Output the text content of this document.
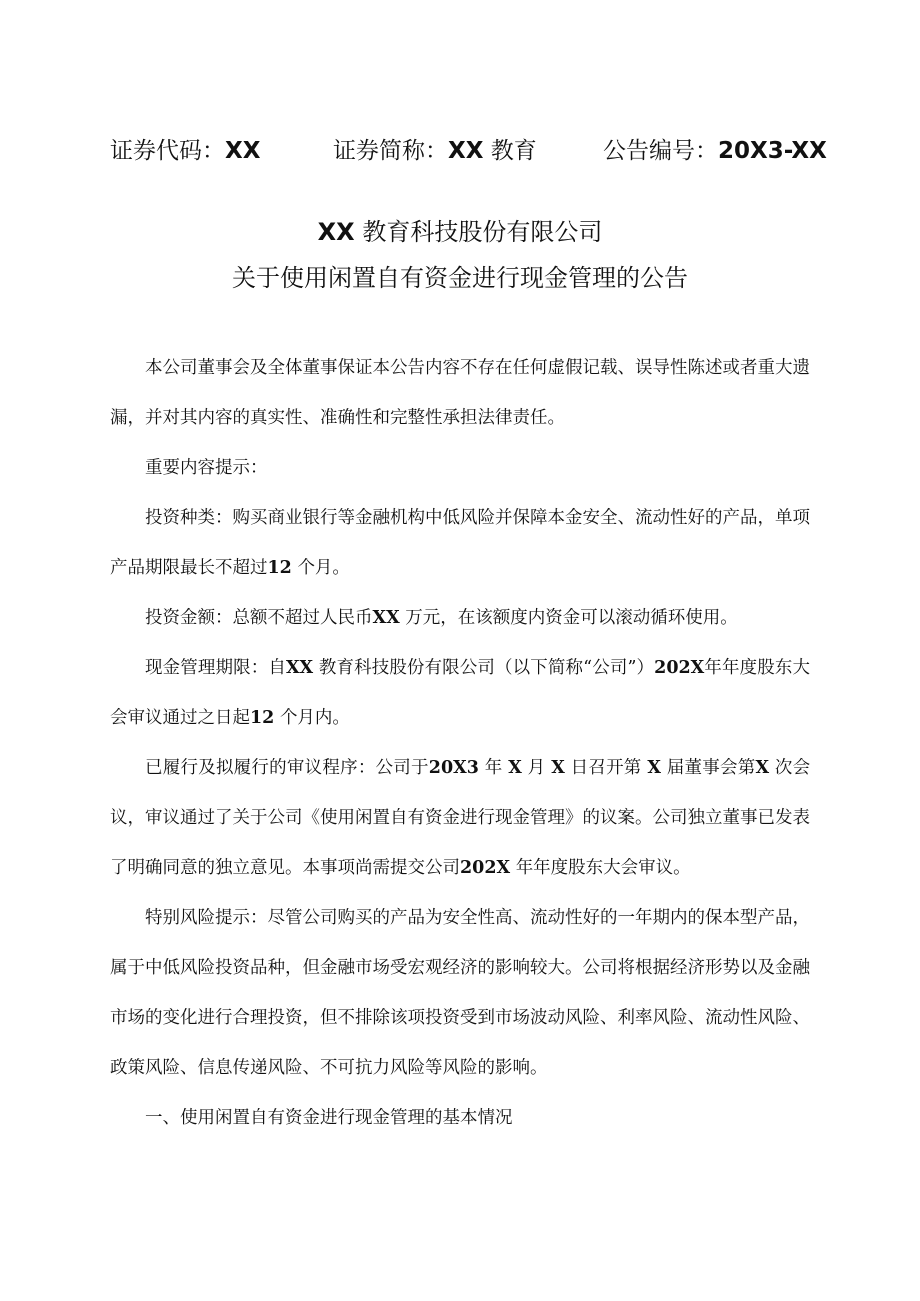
证券代码：XX	证券简称：XX 教育	公告编号：20X3-XX
XX 教育科技股份有限公司
关于使用闲置自有资金进行现金管理的公告

本公司董事会及全体董事保证本公告内容不存在任何虚假记载、误导性陈述或者重大遗漏，并对其内容的真实性、准确性和完整性承担法律责任。

重要内容提示：

投资种类：购买商业银行等金融机构中低风险并保障本金安全、流动性好的产品，单项产品期限最长不超过12 个月。

投资金额：总额不超过人民币XX 万元，在该额度内资金可以滚动循环使用。

现金管理期限：自XX 教育科技股份有限公司（以下简称“公司”）202X年年度股东大会审议通过之日起12 个月内。

已履行及拟履行的审议程序：公司于20X3 年 X 月 X 日召开第 X 届董事会第X 次会议，审议通过了关于公司《使用闲置自有资金进行现金管理》的议案。公司独立董事已发表了明确同意的独立意见。本事项尚需提交公司202X 年年度股东大会审议。

特别风险提示：尽管公司购买的产品为安全性高、流动性好的一年期内的保本型产品，属于中低风险投资品种，但金融市场受宏观经济的影响较大。公司将根据经济形势以及金融市场的变化进行合理投资，但不排除该项投资受到市场波动风险、利率风险、流动性风险、政策风险、信息传递风险、不可抗力风险等风险的影响。

一、使用闲置自有资金进行现金管理的基本情况
